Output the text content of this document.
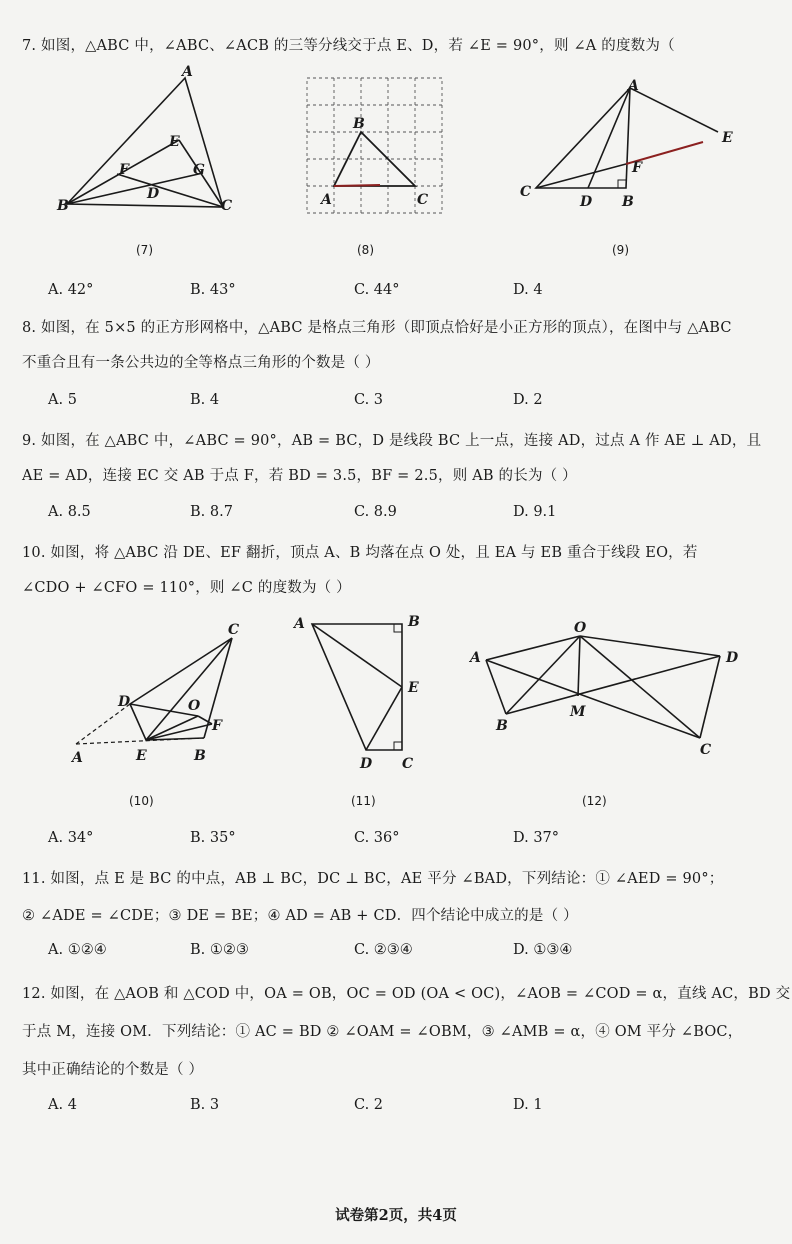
7. 如图，△ABC 中，∠ABC、∠ACB 的三等分线交于点 E、D，若 ∠E = 90°，则 ∠A 的度数为（
A
B	C
E
D
F	G
(7)
B
A	C
(8)
A
C
D B
E
F
(9)
A. 42°	B. 43°	C. 44°	D. 4
8. 如图，在 5×5 的正方形网格中，△ABC 是格点三角形（即顶点恰好是小正方形的顶点），在图中与 △ABC
不重合且有一条公共边的全等格点三角形的个数是（ ）
A. 5	B. 4	C. 3	D. 2
9. 如图，在 △ABC 中，∠ABC = 90°，AB = BC，D 是线段 BC 上一点，连接 AD，过点 A 作 AE ⊥ AD，且
AE = AD，连接 EC 交 AB 于点 F，若 BD = 3.5，BF = 2.5，则 AB 的长为（ ）
A. 8.5	B. 8.7	C. 8.9	D. 9.1
10. 如图，将 △ABC 沿 DE、EF 翻折，顶点 A、B 均落在点 O 处，且 EA 与 EB 重合于线段 EO，若
∠CDO + ∠CFO = 110°，则 ∠C 的度数为（ ）
C
D	O
F
A	E	B
(10)
A	B
E
D C
(11)
O
A	D
B
M
C
(12)
A. 34°	B. 35°	C. 36°	D. 37°
11. 如图，点 E 是 BC 的中点，AB ⊥ BC，DC ⊥ BC，AE 平分 ∠BAD，下列结论：① ∠AED = 90°；
② ∠ADE = ∠CDE；③ DE = BE；④ AD = AB + CD．四个结论中成立的是（ ）
A. ①②④	B. ①②③	C. ②③④	D. ①③④
12. 如图，在 △AOB 和 △COD 中，OA = OB，OC = OD (OA < OC)，∠AOB = ∠COD = α，直线 AC，BD 交
于点 M，连接 OM．下列结论：① AC = BD ② ∠OAM = ∠OBM，③ ∠AMB = α，④ OM 平分 ∠BOC，
其中正确结论的个数是（ ）
A. 4	B. 3	C. 2	D. 1
试卷第2页，共4页
